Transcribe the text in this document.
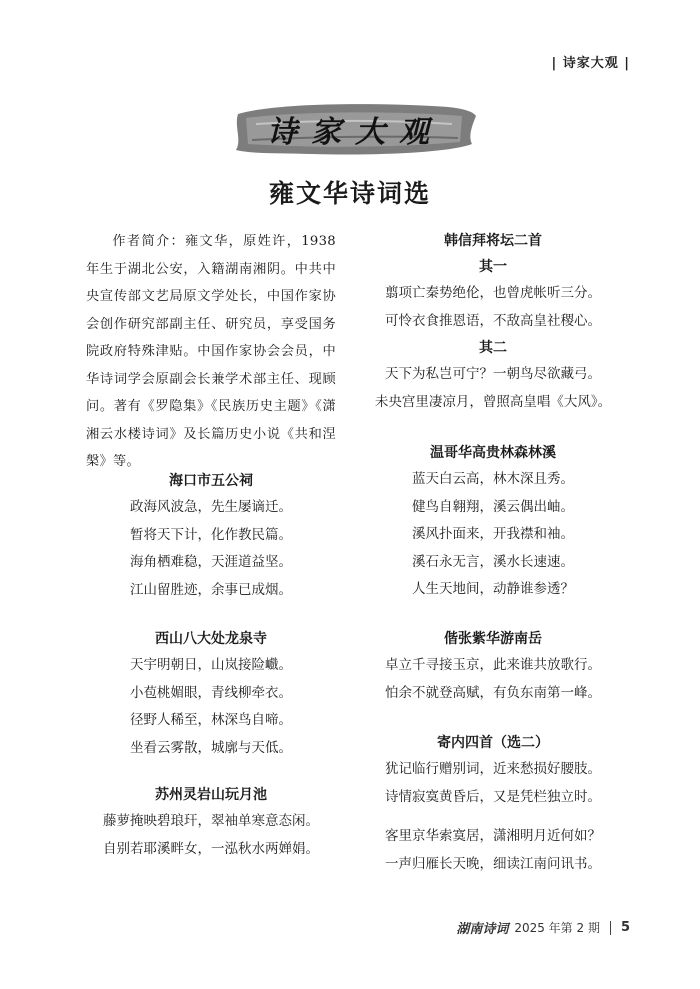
| 诗家大观 |
诗家大观
雍文华诗词选

作者简介：雍文华，原姓许，1938 年生于湖北公安，入籍湖南湘阴。中共中央宣传部文艺局原文学处长，中国作家协会创作研究部副主任、研究员，享受国务院政府特殊津贴。中国作家协会会员，中华诗词学会原副会长兼学术部主任、现顾问。著有《罗隐集》《民族历史主题》《潇湘云水楼诗词》及长篇历史小说《共和涅槃》等。

海口市五公祠
政海风波急，先生屡谪迁。
暂将天下计，化作教民篇。
海角栖难稳，天涯道益坚。
江山留胜迹，余事已成烟。
西山八大处龙泉寺
天宇明朝日，山岚接险巇。
小苞桃媚眼，青线柳牵衣。
径野人稀至，林深鸟自啼。
坐看云雾散，城廓与天低。
苏州灵岩山玩月池
藤萝掩映碧琅玕，翠袖单寒意态闲。
自别若耶溪畔女，一泓秋水两婵娟。
韩信拜将坛二首
其一
翦项亡秦势绝伦，也曾虎帐听三分。
可怜衣食推恩语，不敌高皇社稷心。
其二
天下为私岂可宁？一朝鸟尽欲藏弓。
未央宫里凄凉月，曾照高皇唱《大风》。
温哥华高贵林森林溪
蓝天白云高，林木深且秀。
健鸟自翱翔，溪云偶出岫。
溪风扑面来，开我襟和袖。
溪石永无言，溪水长速速。
人生天地间，动静谁参透？
偕张紫华游南岳
卓立千寻接玉京，此来谁共放歌行。
怕余不就登高赋，有负东南第一峰。
寄内四首（选二）
犹记临行赠别词，近来愁损好腰肢。
诗情寂寞黄昏后，又是凭栏独立时。
客里京华索寞居，潇湘明月近何如？
一声归雁长天晚，细读江南问讯书。
湖南诗词 2025 年第 2 期 5
